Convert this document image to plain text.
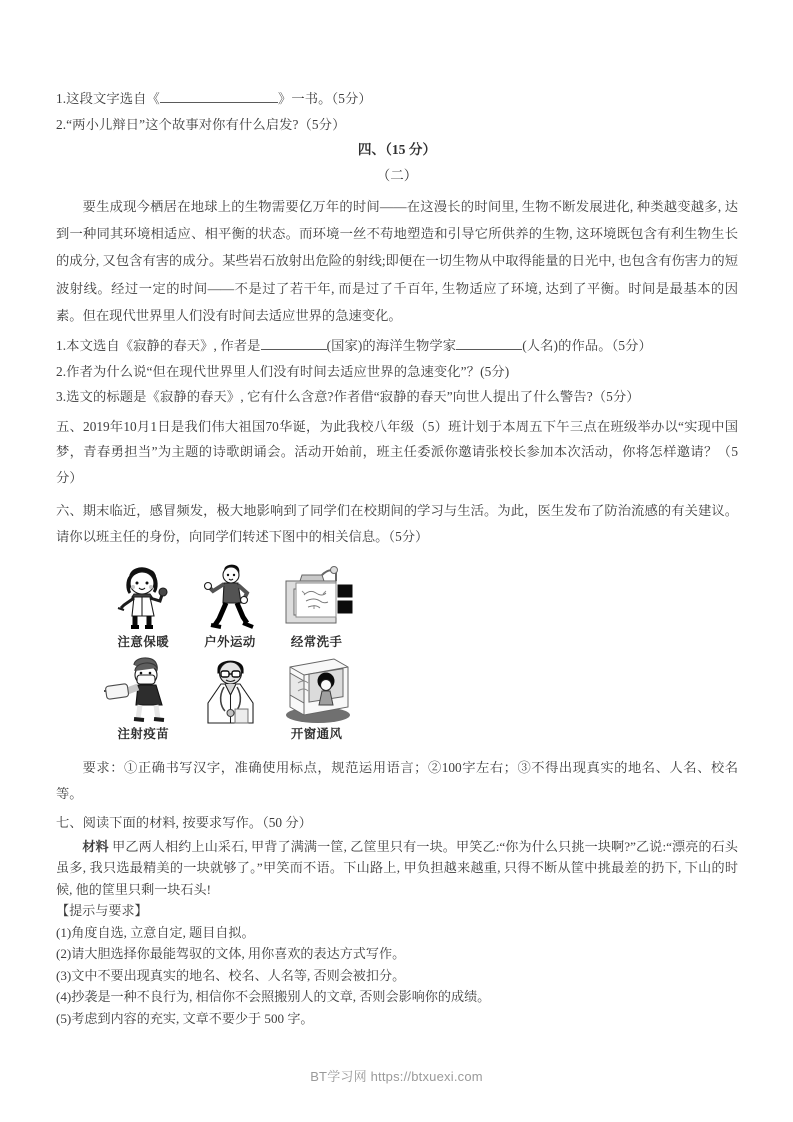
1.这段文字选自《	》一书。（5分）
2.“两小儿辩日”这个故事对你有什么启发?（5分）
四、（15 分）
（二）
要生成现今栖居在地球上的生物需要亿万年的时间——在这漫长的时间里, 生物不断发展进化, 种类越变越多, 达到一种同其环境相适应、相平衡的状态。而环境一丝不苟地塑造和引导它所供养的生物, 这环境既包含有利生物生长的成分, 又包含有害的成分。某些岩石放射出危险的射线;即便在一切生物从中取得能量的日光中, 也包含有伤害力的短波射线。经过一定的时间——不是过了若干年, 而是过了千百年, 生物适应了环境, 达到了平衡。时间是最基本的因素。但在现代世界里人们没有时间去适应世界的急速变化。
1.本文选自《寂静的春天》, 作者是	(国家)的海洋生物学家	(人名)的作品。（5分）
2.作者为什么说“但在现代世界里人们没有时间去适应世界的急速变化”？(5分)
3.选文的标题是《寂静的春天》, 它有什么含意?作者借“寂静的春天”向世人提出了什么警告?（5分）
五、2019年10月1日是我们伟大祖国70华诞，为此我校八年级（5）班计划于本周五下午三点在班级举办以“实现中国梦，青春勇担当”为主题的诗歌朗诵会。活动开始前，班主任委派你邀请张校长参加本次活动，你将怎样邀请？（5分）
六、期末临近，感冒频发，极大地影响到了同学们在校期间的学习与生活。为此，医生发布了防治流感的有关建议。请你以班主任的身份，向同学们转述下图中的相关信息。（5分）
注意保暖	户外运动	经常洗手
注射疫苗	开窗通风
要求：①正确书写汉字，准确使用标点，规范运用语言；②100字左右；③不得出现真实的地名、人名、校名等。
七、阅读下面的材料, 按要求写作。（50 分）
材料 甲乙两人相约上山采石, 甲背了满满一筐, 乙筐里只有一块。甲笑乙:“你为什么只挑一块啊?”乙说:“漂亮的石头虽多, 我只选最精美的一块就够了。”甲笑而不语。下山路上, 甲负担越来越重, 只得不断从筐中挑最差的扔下, 下山的时候, 他的筐里只剩一块石头!
【提示与要求】
(1)角度自选, 立意自定, 题目自拟。
(2)请大胆选择你最能驾驭的文体, 用你喜欢的表达方式写作。
(3)文中不要出现真实的地名、校名、人名等, 否则会被扣分。
(4)抄袭是一种不良行为, 相信你不会照搬别人的文章, 否则会影响你的成绩。
(5)考虑到内容的充实, 文章不要少于 500 字。
BT学习网 https://btxuexi.com
